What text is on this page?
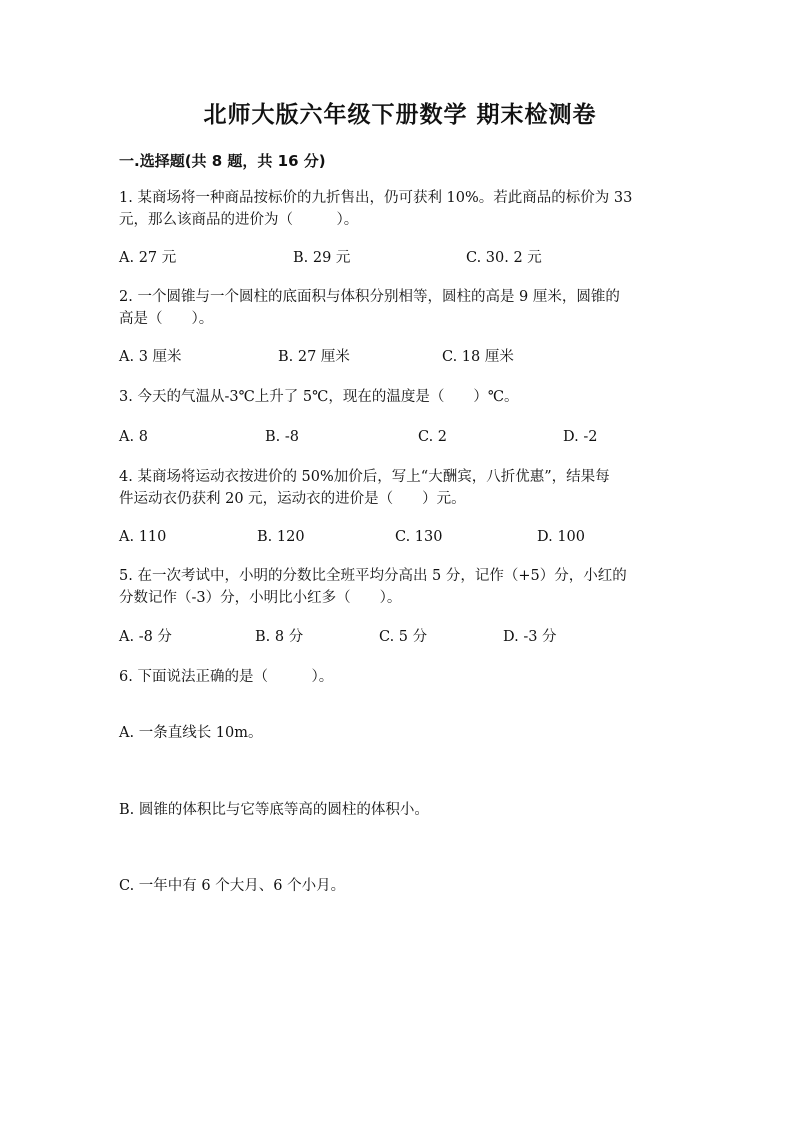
北师大版六年级下册数学 期末检测卷
一.选择题(共 8 题，共 16 分)
1. 某商场将一种商品按标价的九折售出，仍可获利 10%。若此商品的标价为 33
元，那么该商品的进价为（　　　）。
A. 27 元	B. 29 元	C. 30. 2 元
2. 一个圆锥与一个圆柱的底面积与体积分别相等，圆柱的高是 9 厘米，圆锥的
高是（　　）。
A. 3 厘米	B. 27 厘米	C. 18 厘米
3. 今天的气温从-3℃上升了 5℃，现在的温度是（　　）℃。
A. 8	B. -8	C. 2	D. -2
4. 某商场将运动衣按进价的 50%加价后，写上“大酬宾，八折优惠”，结果每
件运动衣仍获利 20 元，运动衣的进价是（　　）元。
A. 110	B. 120	C. 130	D. 100
5. 在一次考试中，小明的分数比全班平均分高出 5 分，记作（+5）分，小红的
分数记作（-3）分，小明比小红多（　　）。
A. -8 分	B. 8 分	C. 5 分	D. -3 分
6. 下面说法正确的是（　　　）。
A. 一条直线长 10m。
B. 圆锥的体积比与它等底等高的圆柱的体积小。
C. 一年中有 6 个大月、6 个小月。
